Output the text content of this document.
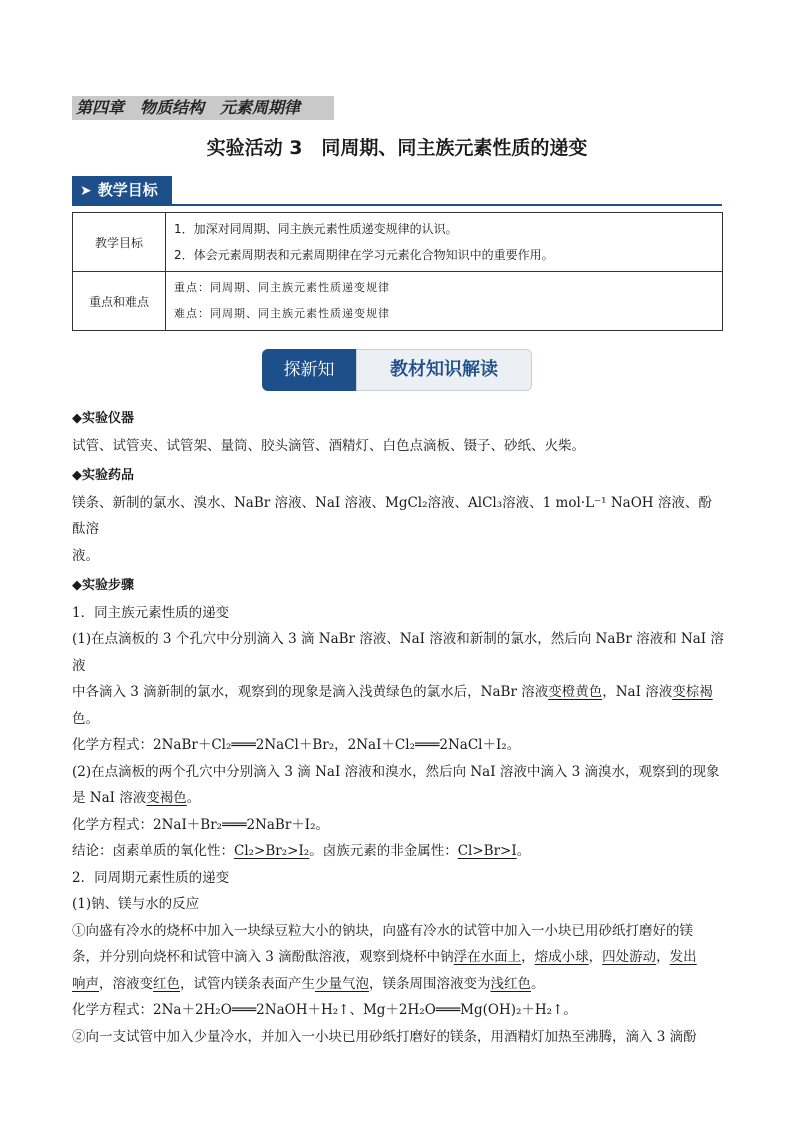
第四章　物质结构　元素周期律
实验活动 3　同周期、同主族元素性质的递变
➤ 教学目标
教学目标	1．加深对同周期、同主族元素性质递变规律的认识。
2．体会元素周期表和元素周期律在学习元素化合物知识中的重要作用。

重点和难点	重点：同周期、同主族元素性质递变规律
难点：同周期、同主族元素性质递变规律
探新知	教材知识解读

◆实验仪器

试管、试管夹、试管架、量筒、胶头滴管、酒精灯、白色点滴板、镊子、砂纸、火柴。

◆实验药品

镁条、新制的氯水、溴水、NaBr 溶液、NaI 溶液、MgCl₂溶液、AlCl₃溶液、1 mol·L⁻¹ NaOH 溶液、酚酞溶

液。

◆实验步骤

1．同主族元素性质的递变

(1)在点滴板的 3 个孔穴中分别滴入 3 滴 NaBr 溶液、NaI 溶液和新制的氯水，然后向 NaBr 溶液和 NaI 溶液

中各滴入 3 滴新制的氯水，观察到的现象是滴入浅黄绿色的氯水后，NaBr 溶液变橙黄色，NaI 溶液变棕褐

色。

化学方程式：2NaBr＋Cl₂═══2NaCl＋Br₂，2NaI＋Cl₂═══2NaCl＋I₂。

(2)在点滴板的两个孔穴中分别滴入 3 滴 NaI 溶液和溴水，然后向 NaI 溶液中滴入 3 滴溴水，观察到的现象

是 NaI 溶液变褐色。

化学方程式：2NaI＋Br₂═══2NaBr＋I₂。

结论：卤素单质的氧化性：Cl₂>Br₂>I₂。卤族元素的非金属性：Cl>Br>I。

2．同周期元素性质的递变

(1)钠、镁与水的反应

①向盛有冷水的烧杯中加入一块绿豆粒大小的钠块，向盛有冷水的试管中加入一小块已用砂纸打磨好的镁

条，并分别向烧杯和试管中滴入 3 滴酚酞溶液，观察到烧杯中钠浮在水面上，熔成小球，四处游动，发出

响声，溶液变红色，试管内镁条表面产生少量气泡，镁条周围溶液变为浅红色。

化学方程式：2Na＋2H₂O═══2NaOH＋H₂↑、Mg＋2H₂O═══Mg(OH)₂＋H₂↑。

②向一支试管中加入少量冷水，并加入一小块已用砂纸打磨好的镁条，用酒精灯加热至沸腾，滴入 3 滴酚
